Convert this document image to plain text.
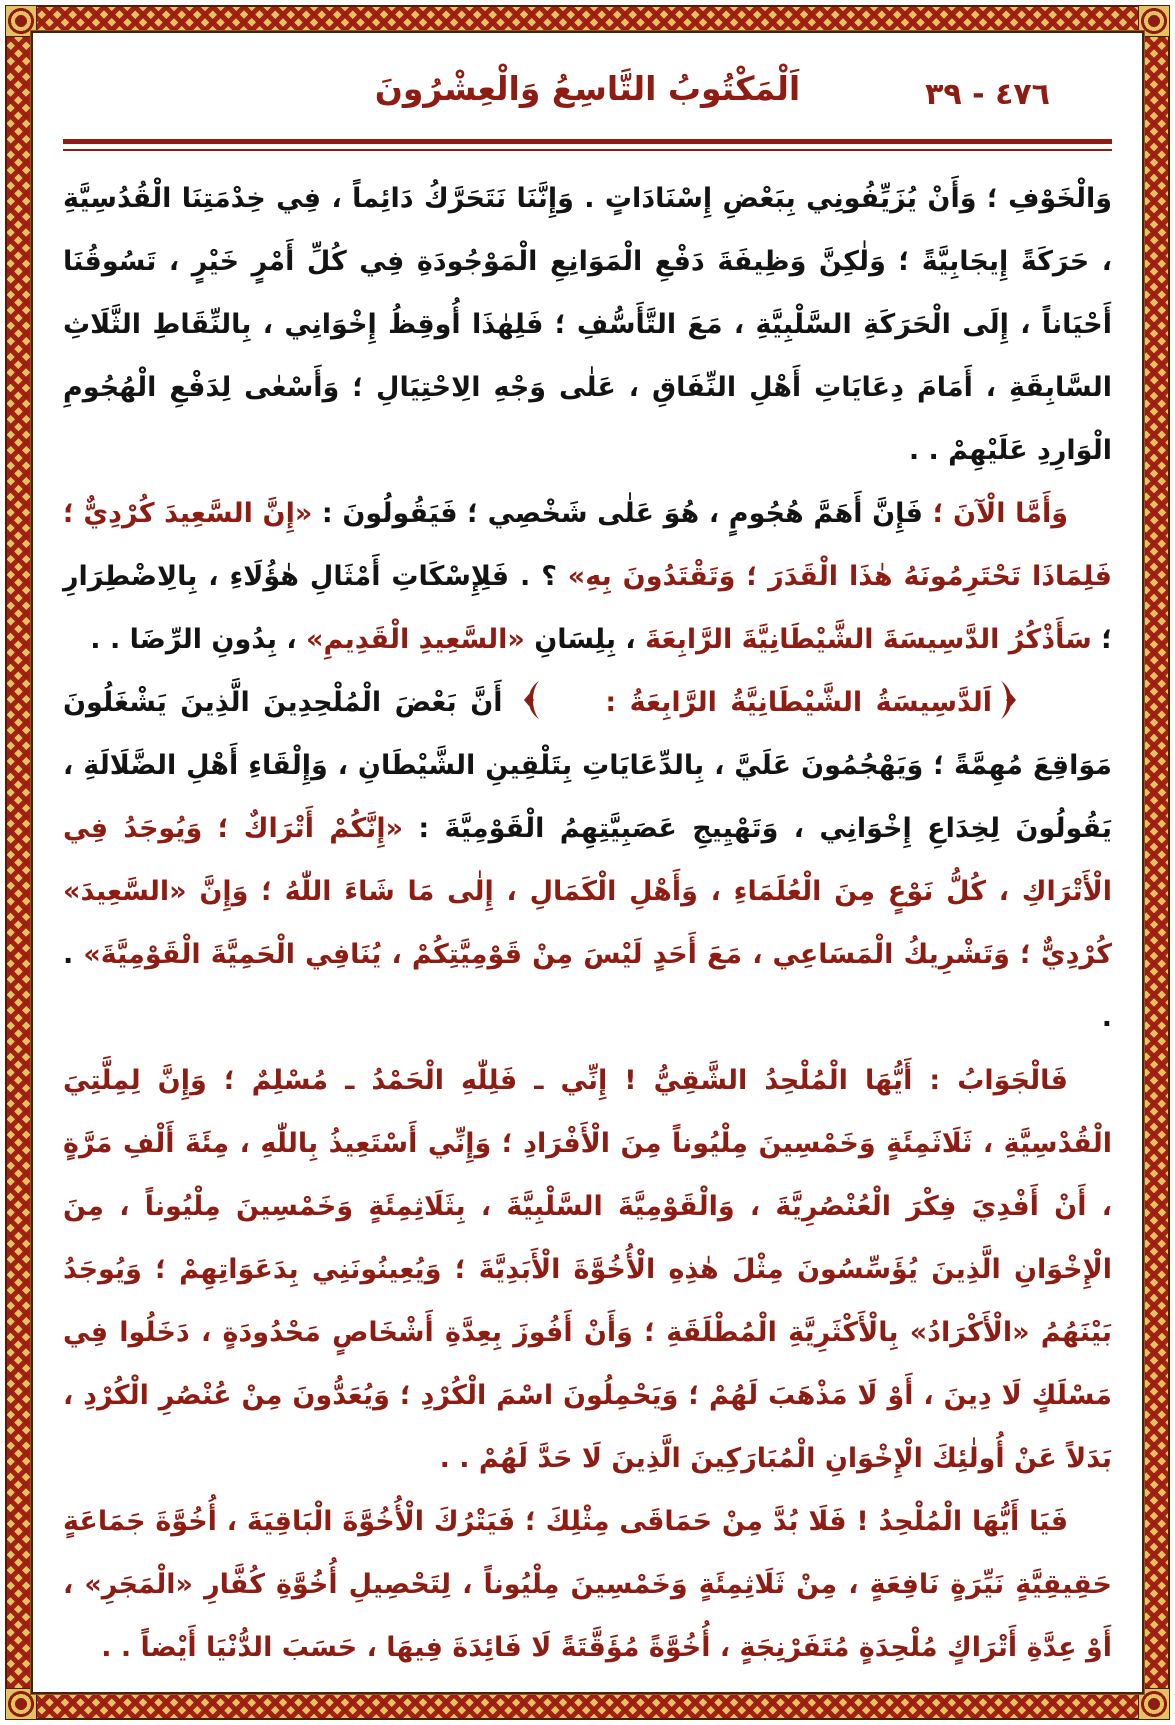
٤٧٦ - ٣٩
اَلْمَكْتُوبُ التَّاسِعُ وَالْعِشْرُونَ

وَالْخَوْفِ ؛ وَأَنْ يُزَيِّفُونِي بِبَعْضِ إِسْنَادَاتٍ . وَإِنَّنَا نَتَحَرَّكُ دَائِماً ، فِي خِدْمَتِنَا الْقُدُسِيَّةِ ، حَرَكَةً إِيجَابِيَّةً ؛ وَلٰكِنَّ وَظِيفَةَ دَفْعِ الْمَوَانِعِ الْمَوْجُودَةِ فِي كُلِّ أَمْرٍ خَيْرٍ ، تَسُوقُنَا أَحْيَاناً ، إِلَى الْحَرَكَةِ السَّلْبِيَّةِ ، مَعَ التَّأَسُّفِ ؛ فَلِهٰذَا أُوقِظُ إِخْوَانِي ، بِالنِّقَاطِ الثَّلَاثِ السَّابِقَةِ ، أَمَامَ دِعَايَاتِ أَهْلِ النِّفَاقِ ، عَلٰى وَجْهِ الِاحْتِيَالِ ؛ وَأَسْعٰى لِدَفْعِ الْهُجُومِ الْوَارِدِ عَلَيْهِمْ . .

وَأَمَّا الْآنَ ؛ فَإِنَّ أَهَمَّ هُجُومٍ ، هُوَ عَلٰى شَخْصِي ؛ فَيَقُولُونَ : «إِنَّ السَّعِيدَ كُرْدِيٌّ ؛ فَلِمَاذَا تَحْتَرِمُونَهُ هٰذَا الْقَدَرَ ؛ وَتَقْتَدُونَ بِهِ» ؟ . فَلِإِسْكَاتِ أَمْثَالِ هٰؤُلَاءِ ، بِالِاضْطِرَارِ ؛ سَأَذْكُرُ الدَّسِيسَةَ الشَّيْطَانِيَّةَ الرَّابِعَةَ ، بِلِسَانِ «السَّعِيدِ الْقَدِيمِ» ، بِدُونِ الرِّضَا . .

اَلدَّسِيسَةُ الشَّيْطَانِيَّةُ الرَّابِعَةُ :  أَنَّ بَعْضَ الْمُلْحِدِينَ الَّذِينَ يَشْغَلُونَ مَوَاقِعَ مُهِمَّةً ؛ وَيَهْجُمُونَ عَلَيَّ ، بِالدِّعَايَاتِ بِتَلْقِينِ الشَّيْطَانِ ، وَإِلْقَاءِ أَهْلِ الضَّلَالَةِ ، يَقُولُونَ لِخِدَاعِ إِخْوَانِي ، وَتَهْيِيجِ عَصَبِيَّتِهِمُ الْقَوْمِيَّةَ : «إِنَّكُمْ أَتْرَاكٌ ؛ وَيُوجَدُ فِي الْأَتْرَاكِ ، كُلُّ نَوْعٍ مِنَ الْعُلَمَاءِ ، وَأَهْلِ الْكَمَالِ ، إِلٰى مَا شَاءَ اللّٰهُ ؛ وَإِنَّ «السَّعِيدَ» كُرْدِيٌّ ؛ وَتَشْرِيكُ الْمَسَاعِي ، مَعَ أَحَدٍ لَيْسَ مِنْ قَوْمِيَّتِكُمْ ، يُنَافِي الْحَمِيَّةَ الْقَوْمِيَّةَ» . .

فَالْجَوَابُ : أَيُّهَا الْمُلْحِدُ الشَّقِيُّ ! إِنِّي ـ فَلِلّٰهِ الْحَمْدُ ـ مُسْلِمٌ ؛ وَإِنَّ لِمِلَّتِيَ الْقُدْسِيَّةِ ، ثَلَاثَمِئَةٍ وَخَمْسِينَ مِلْيُوناً مِنَ الْأَفْرَادِ ؛ وَإِنِّي أَسْتَعِيذُ بِاللّٰهِ ، مِئَةَ أَلْفِ مَرَّةٍ ، أَنْ أَفْدِيَ فِكْرَ الْعُنْصُرِيَّةَ ، وَالْقَوْمِيَّةَ السَّلْبِيَّةَ ، بِثَلَاثِمِئَةٍ وَخَمْسِينَ مِلْيُوناً ، مِنَ الْإِخْوَانِ الَّذِينَ يُؤَسِّسُونَ مِثْلَ هٰذِهِ الْأُخُوَّةَ الْأَبَدِيَّةَ ؛ وَيُعِينُونَنِي بِدَعَوَاتِهِمْ ؛ وَيُوجَدُ بَيْنَهُمُ «الْأَكْرَادُ» بِالْأَكْثَرِيَّةِ الْمُطْلَقَةِ ؛ وَأَنْ أَفُوزَ بِعِدَّةِ أَشْخَاصٍ مَحْدُودَةٍ ، دَخَلُوا فِي مَسْلَكٍ لَا دِينَ ، أَوْ لَا مَذْهَبَ لَهُمْ ؛ وَيَحْمِلُونَ اسْمَ الْكُرْدِ ؛ وَيُعَدُّونَ مِنْ عُنْصُرِ الْكُرْدِ ، بَدَلاً عَنْ أُولٰئِكَ الْإِخْوَانِ الْمُبَارَكِينَ الَّذِينَ لَا حَدَّ لَهُمْ . .

فَيَا أَيُّهَا الْمُلْحِدُ ! فَلَا بُدَّ مِنْ حَمَاقَى مِثْلِكَ ؛ فَيَتْرُكَ الْأُخُوَّةَ الْبَاقِيَةَ ، أُخُوَّةَ جَمَاعَةٍ حَقِيقِيَّةٍ نَيِّرَةٍ نَافِعَةٍ ، مِنْ ثَلَاثِمِئَةٍ وَخَمْسِينَ مِلْيُوناً ، لِتَحْصِيلِ أُخُوَّةِ كُفَّارِ «الْمَجَرِ» ، أَوْ عِدَّةِ أَتْرَاكٍ مُلْحِدَةٍ مُتَفَرْنِجَةٍ ، أُخُوَّةً مُؤَقَّتَةً لَا فَائِدَةَ فِيهَا ، حَسَبَ الدُّنْيَا أَيْضاً . .
